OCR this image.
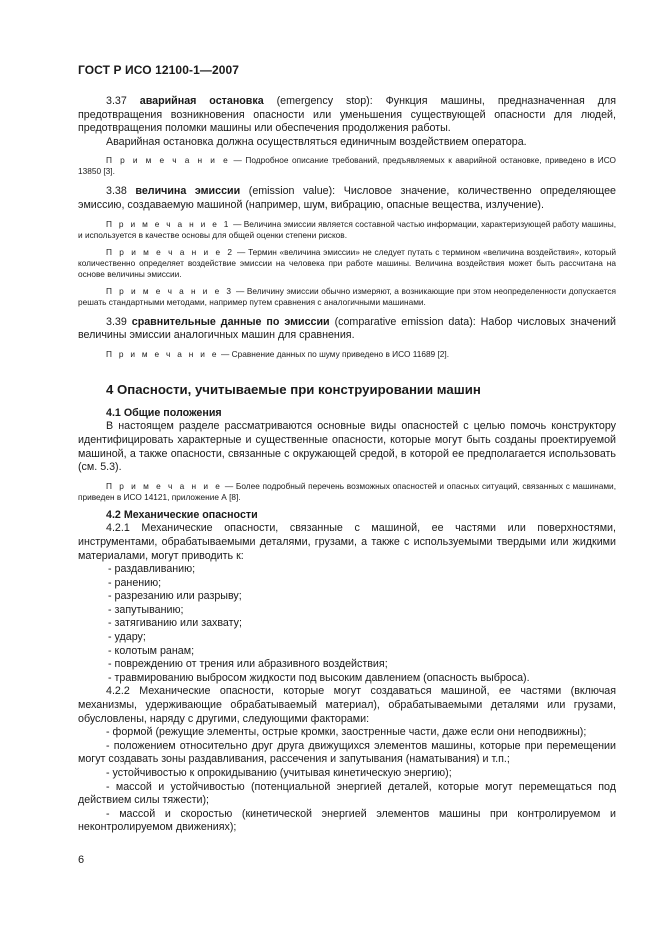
ГОСТ Р ИСО 12100-1—2007

3.37 аварийная остановка (emergency stop): Функция машины, предназначенная для предотвращения возникновения опасности или уменьшения существующей опасности для людей, предотвращения поломки машины или обеспечения продолжения работы.

Аварийная остановка должна осуществляться единичным воздействием оператора.

П р и м е ч а н и е — Подробное описание требований, предъявляемых к аварийной остановке, приведено в ИСО 13850 [3].

3.38 величина эмиссии (emission value): Числовое значение, количественно определяющее эмиссию, создаваемую машиной (например, шум, вибрацию, опасные вещества, излучение).

П р и м е ч а н и е 1 — Величина эмиссии является составной частью информации, характеризующей работу машины, и используется в качестве основы для общей оценки степени рисков.

П р и м е ч а н и е 2 — Термин «величина эмиссии» не следует путать с термином «величина воздействия», который количественно определяет воздействие эмиссии на человека при работе машины. Величина воздействия может быть рассчитана на основе величины эмиссии.

П р и м е ч а н и е 3 — Величину эмиссии обычно измеряют, а возникающие при этом неопределенности допускается решать стандартными методами, например путем сравнения с аналогичными машинами.

3.39 сравнительные данные по эмиссии (comparative emission data): Набор числовых значений величины эмиссии аналогичных машин для сравнения.

П р и м е ч а н и е — Сравнение данных по шуму приведено в ИСО 11689 [2].

4 Опасности, учитываемые при конструировании машин
4.1 Общие положения

В настоящем разделе рассматриваются основные виды опасностей с целью помочь конструктору идентифицировать характерные и существенные опасности, которые могут быть созданы проектируемой машиной, а также опасности, связанные с окружающей средой, в которой ее предполагается использовать (см. 5.3).

П р и м е ч а н и е — Более подробный перечень возможных опасностей и опасных ситуаций, связанных с машинами, приведен в ИСО 14121, приложение А [8].

4.2 Механические опасности

4.2.1 Механические опасности, связанные с машиной, ее частями или поверхностями, инструментами, обрабатываемыми деталями, грузами, а также с используемыми твердыми или жидкими материалами, могут приводить к:

- раздавливанию;
- ранению;
- разрезанию или разрыву;
- запутыванию;
- затягиванию или захвату;
- удару;
- колотым ранам;
- повреждению от трения или абразивного воздействия;
- травмированию выбросом жидкости под высоким давлением (опасность выброса).

4.2.2 Механические опасности, которые могут создаваться машиной, ее частями (включая механизмы, удерживающие обрабатываемый материал), обрабатываемыми деталями или грузами, обусловлены, наряду с другими, следующими факторами:

- формой (режущие элементы, острые кромки, заостренные части, даже если они неподвижны);

- положением относительно друг друга движущихся элементов машины, которые при перемещении могут создавать зоны раздавливания, рассечения и запутывания (наматывания) и т.п.;

- устойчивостью к опрокидыванию (учитывая кинетическую энергию);

- массой и устойчивостью (потенциальной энергией деталей, которые могут перемещаться под действием силы тяжести);

- массой и скоростью (кинетической энергией элементов машины при контролируемом и неконтролируемом движениях);

6
